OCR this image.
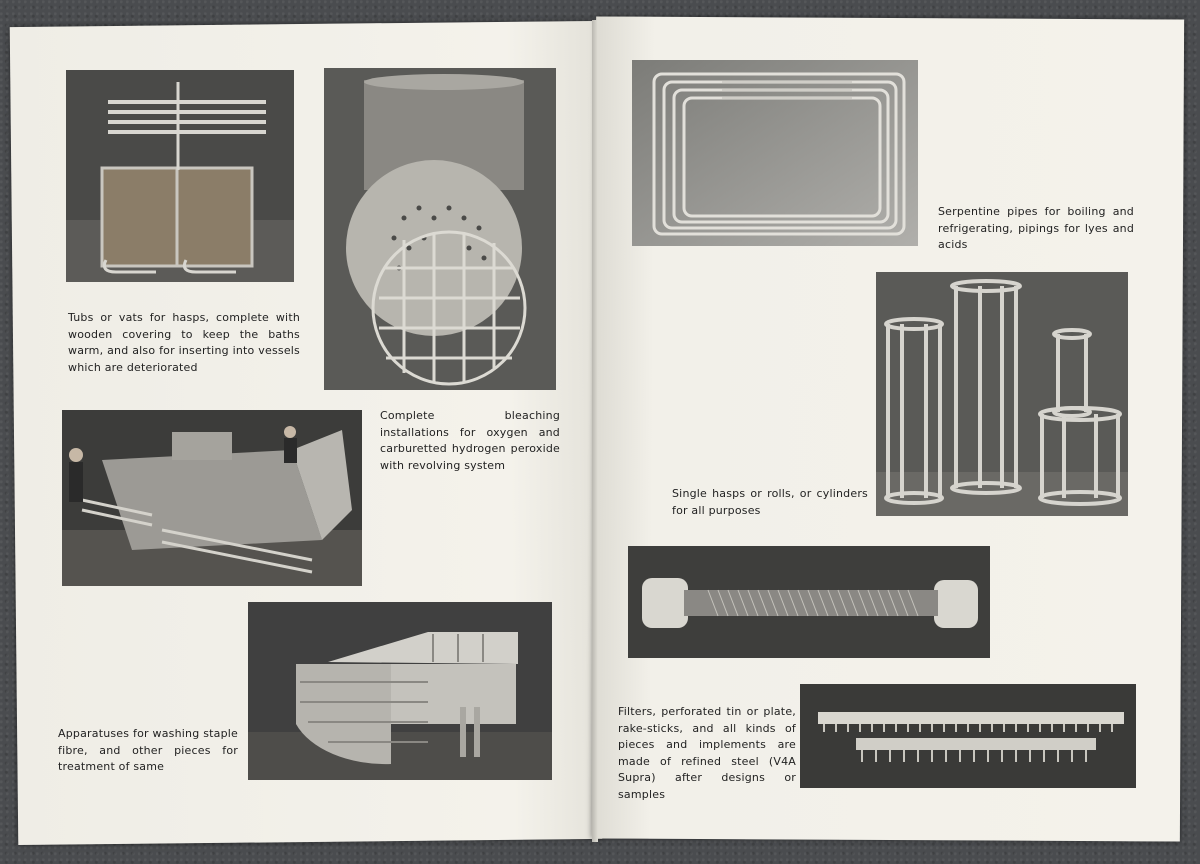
Tubs or vats for hasps, complete with wooden covering to keep the baths warm, and also for inserting into vessels which are deteriorated
Complete bleaching installations for oxygen and carburetted hydrogen peroxide with revolving system
Apparatuses for washing staple fibre, and other pieces for treatment of same
Serpentine pipes for boiling and refrigerating, pipings for lyes and acids
Single hasps or rolls, or cylinders for all purposes
Filters, perforated tin or plate, rake-sticks, and all kinds of pieces and implements are made of refined steel (V4A Supra) after designs or samples
